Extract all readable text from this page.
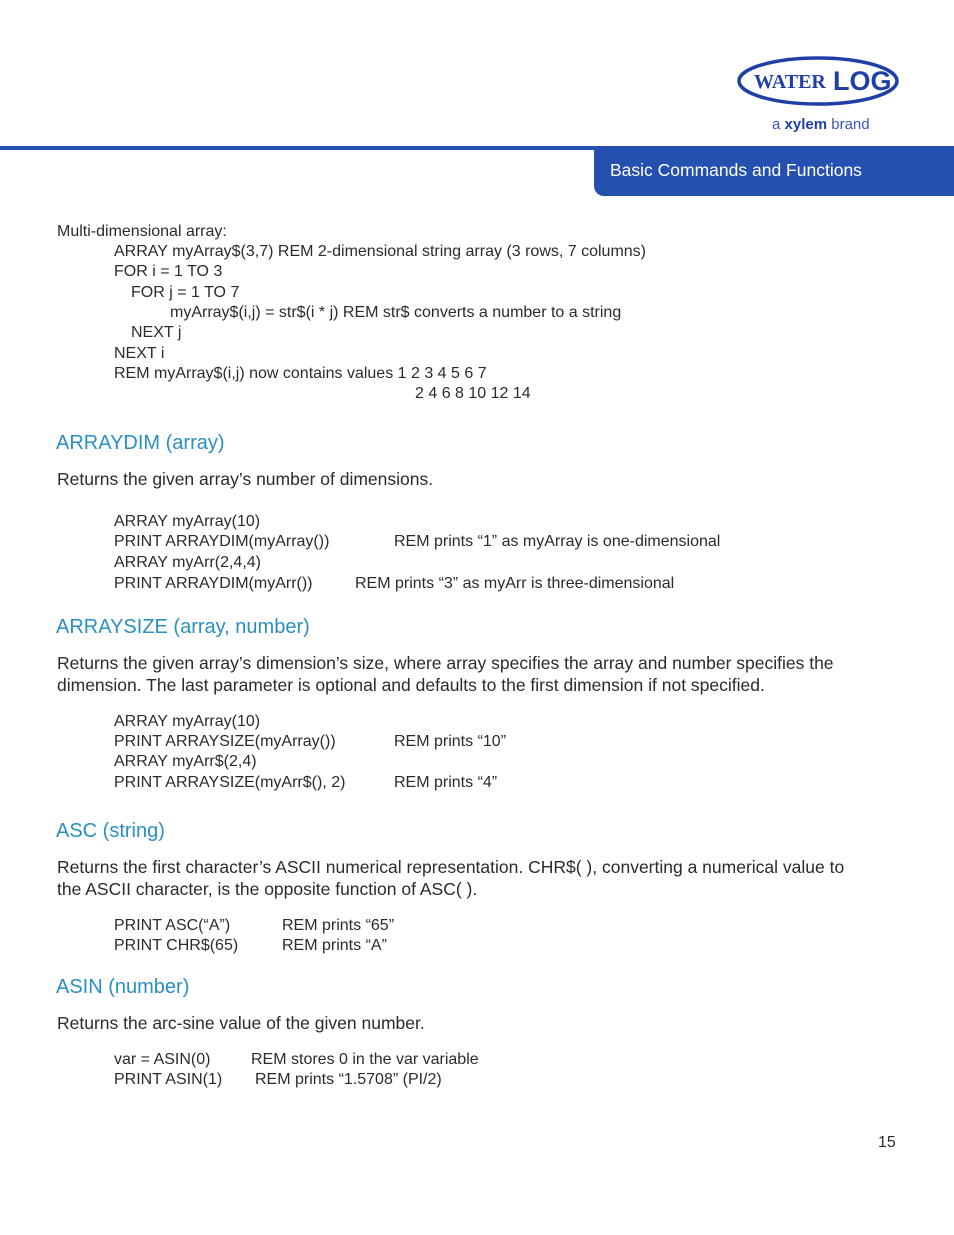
WATER LOG
a xylem brand
Basic Commands and Functions
Multi-dimensional array:
ARRAY myArray$(3,7) REM 2-dimensional string array (3 rows, 7 columns)
FOR i = 1 TO 3
FOR j = 1 TO 7
myArray$(i,j) = str$(i * j) REM str$ converts a number to a string
NEXT j
NEXT i
REM myArray$(i,j) now contains values 1 2 3 4 5 6 7
2 4 6 8 10 12 14
ARRAYDIM (array)
Returns the given array’s number of dimensions.
ARRAY myArray(10)
PRINT ARRAYDIM(myArray())	REM prints “1” as myArray is one-dimensional
ARRAY myArr(2,4,4)
PRINT ARRAYDIM(myArr())	REM prints “3” as myArr is three-dimensional
ARRAYSIZE (array, number)
Returns the given array’s dimension’s size, where array specifies the array and number specifies the dimension. The last parameter is optional and defaults to the first dimension if not specified.
ARRAY myArray(10)
PRINT ARRAYSIZE(myArray())	REM prints “10”
ARRAY myArr$(2,4)
PRINT ARRAYSIZE(myArr$(), 2)	REM prints “4”
ASC (string)
Returns the first character’s ASCII numerical representation. CHR$( ), converting a numerical value to the ASCII character, is the opposite function of ASC( ).
PRINT ASC(“A”)	REM prints “65”
PRINT CHR$(65)	REM prints “A”
ASIN (number)
Returns the arc-sine value of the given number.
var = ASIN(0)	REM stores 0 in the var variable
PRINT ASIN(1) REM prints “1.5708” (PI/2)
15
